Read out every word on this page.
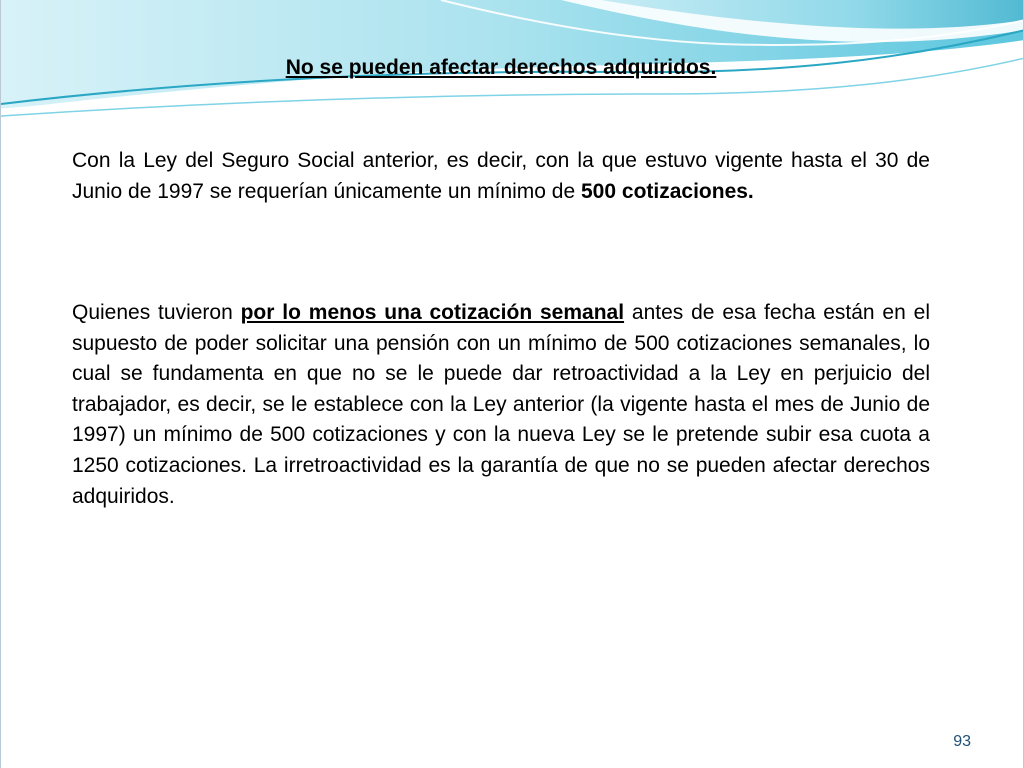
No se pueden afectar derechos adquiridos.

Con la Ley del Seguro Social anterior, es decir, con la que estuvo vigente hasta el 30 de Junio de 1997 se requerían únicamente un mínimo de 500 cotizaciones.

Quienes tuvieron por lo menos una cotización semanal antes de esa fecha están en el supuesto de poder solicitar una pensión con un mínimo de 500 cotizaciones semanales, lo cual se fundamenta en que no se le puede dar retroactividad a la Ley en perjuicio del trabajador, es decir, se le establece con la Ley anterior (la vigente hasta el mes de Junio de 1997) un mínimo de 500 cotizaciones y con la nueva Ley se le pretende subir esa cuota a 1250 cotizaciones. La irretroactividad es la garantía de que no se pueden afectar derechos adquiridos.

93
